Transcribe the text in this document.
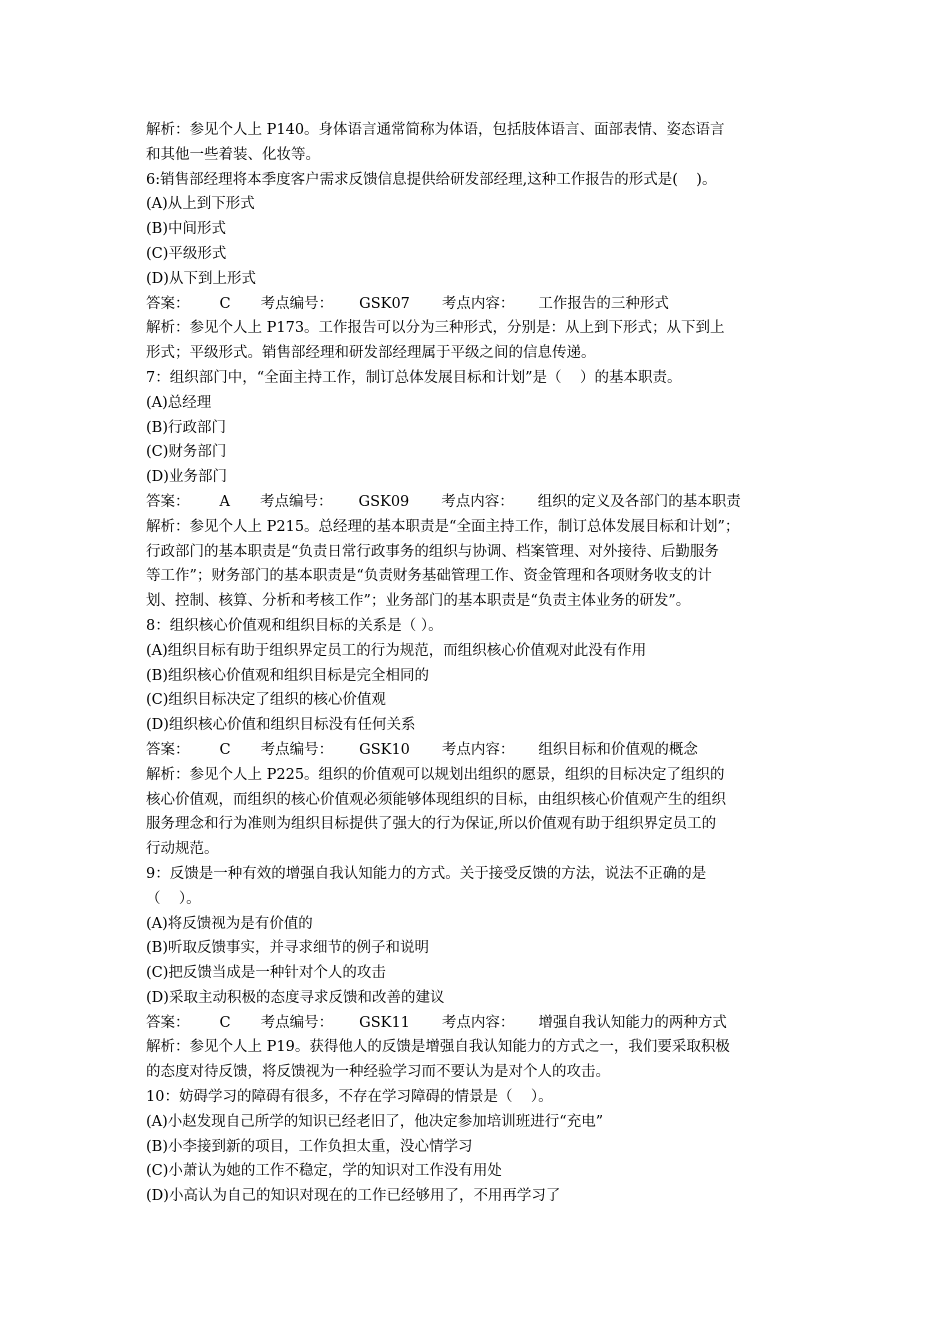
解析：参见个人上 P140。身体语言通常简称为体语，包括肢体语言、面部表情、姿态语言
和其他一些着装、化妆等。
6:销售部经理将本季度客户需求反馈信息提供给研发部经理,这种工作报告的形式是(    )。
(A)从上到下形式
(B)中间形式
(C)平级形式
(D)从下到上形式
答案： C 考点编号： GSK07 考点内容： 工作报告的三种形式
解析：参见个人上 P173。工作报告可以分为三种形式，分别是：从上到下形式；从下到上
形式；平级形式。销售部经理和研发部经理属于平级之间的信息传递。
7：组织部门中，“全面主持工作，制订总体发展目标和计划”是（    ）的基本职责。
(A)总经理
(B)行政部门
(C)财务部门
(D)业务部门
答案： A 考点编号： GSK09 考点内容： 组织的定义及各部门的基本职责
解析：参见个人上 P215。总经理的基本职责是“全面主持工作，制订总体发展目标和计划”；
行政部门的基本职责是“负责日常行政事务的组织与协调、档案管理、对外接待、后勤服务
等工作”；财务部门的基本职责是“负责财务基础管理工作、资金管理和各项财务收支的计
划、控制、核算、分析和考核工作”；业务部门的基本职责是“负责主体业务的研发”。
8：组织核心价值观和组织目标的关系是（ ）。
(A)组织目标有助于组织界定员工的行为规范，而组织核心价值观对此没有作用
(B)组织核心价值观和组织目标是完全相同的
(C)组织目标决定了组织的核心价值观
(D)组织核心价值和组织目标没有任何关系
答案： C 考点编号： GSK10 考点内容： 组织目标和价值观的概念
解析：参见个人上 P225。组织的价值观可以规划出组织的愿景，组织的目标决定了组织的
核心价值观，而组织的核心价值观必须能够体现组织的目标，由组织核心价值观产生的组织
服务理念和行为准则为组织目标提供了强大的行为保证,所以价值观有助于组织界定员工的
行动规范。
9：反馈是一种有效的增强自我认知能力的方式。关于接受反馈的方法，说法不正确的是
（    ）。
(A)将反馈视为是有价值的
(B)听取反馈事实，并寻求细节的例子和说明
(C)把反馈当成是一种针对个人的攻击
(D)采取主动积极的态度寻求反馈和改善的建议
答案： C 考点编号： GSK11 考点内容： 增强自我认知能力的两种方式
解析：参见个人上 P19。获得他人的反馈是增强自我认知能力的方式之一，我们要采取积极
的态度对待反馈，将反馈视为一种经验学习而不要认为是对个人的攻击。
10：妨碍学习的障碍有很多，不存在学习障碍的情景是（    ）。
(A)小赵发现自己所学的知识已经老旧了，他决定参加培训班进行“充电”
(B)小李接到新的项目，工作负担太重，没心情学习
(C)小萧认为她的工作不稳定，学的知识对工作没有用处
(D)小高认为自己的知识对现在的工作已经够用了，不用再学习了
